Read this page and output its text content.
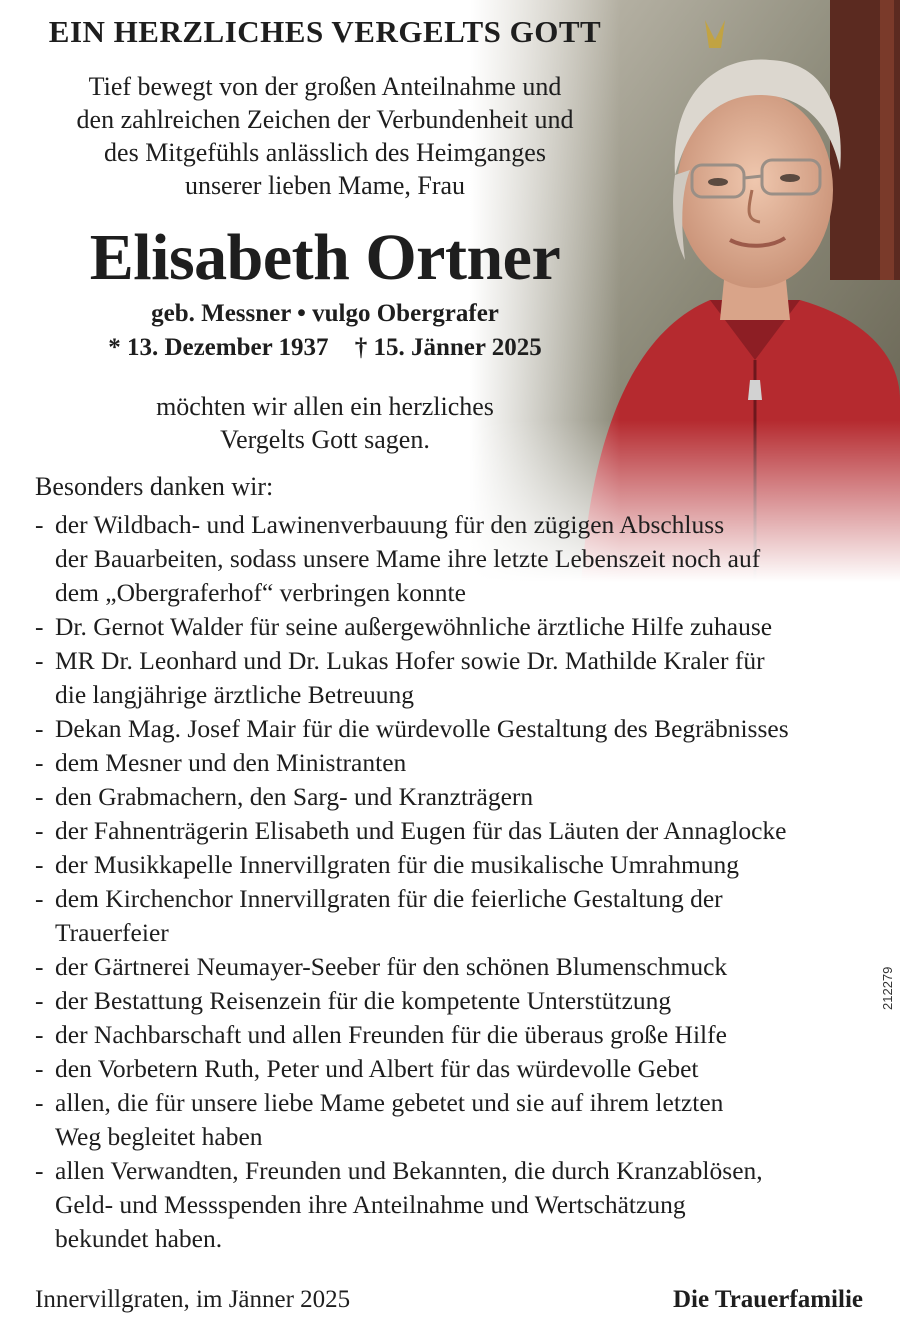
EIN HERZLICHES VERGELTS GOTT

Tief bewegt von der großen Anteilnahme und
den zahlreichen Zeichen der Verbundenheit und
des Mitgefühls anlässlich des Heimganges
unserer lieben Mame, Frau

Elisabeth Ortner

geb. Messner • vulgo Obergrafer

* 13. Dezember 1937 † 15. Jänner 2025

möchten wir allen ein herzliches
Vergelts Gott sagen.

Besonders danken wir:

- der Wildbach- und Lawinenverbauung für den zügigen Abschluss
der Bauarbeiten, sodass unsere Mame ihre letzte Lebenszeit noch auf
dem „Obergraferhof“ verbringen konnte
- Dr. Gernot Walder für seine außergewöhnliche ärztliche Hilfe zuhause
- MR Dr. Leonhard und Dr. Lukas Hofer sowie Dr. Mathilde Kraler für
die langjährige ärztliche Betreuung
- Dekan Mag. Josef Mair für die würdevolle Gestaltung des Begräbnisses
- dem Mesner und den Ministranten
- den Grabmachern, den Sarg- und Kranzträgern
- der Fahnenträgerin Elisabeth und Eugen für das Läuten der Annaglocke
- der Musikkapelle Innervillgraten für die musikalische Umrahmung
- dem Kirchenchor Innervillgraten für die feierliche Gestaltung der
Trauerfeier
- der Gärtnerei Neumayer-Seeber für den schönen Blumenschmuck
- der Bestattung Reisenzein für die kompetente Unterstützung
- der Nachbarschaft und allen Freunden für die überaus große Hilfe
- den Vorbetern Ruth, Peter und Albert für das würdevolle Gebet
- allen, die für unsere liebe Mame gebetet und sie auf ihrem letzten
Weg begleitet haben
- allen Verwandten, Freunden und Bekannten, die durch Kranzablösen,
Geld- und Messspenden ihre Anteilnahme und Wertschätzung
bekundet haben.

Innervillgraten, im Jänner 2025	Die Trauerfamilie

212279
